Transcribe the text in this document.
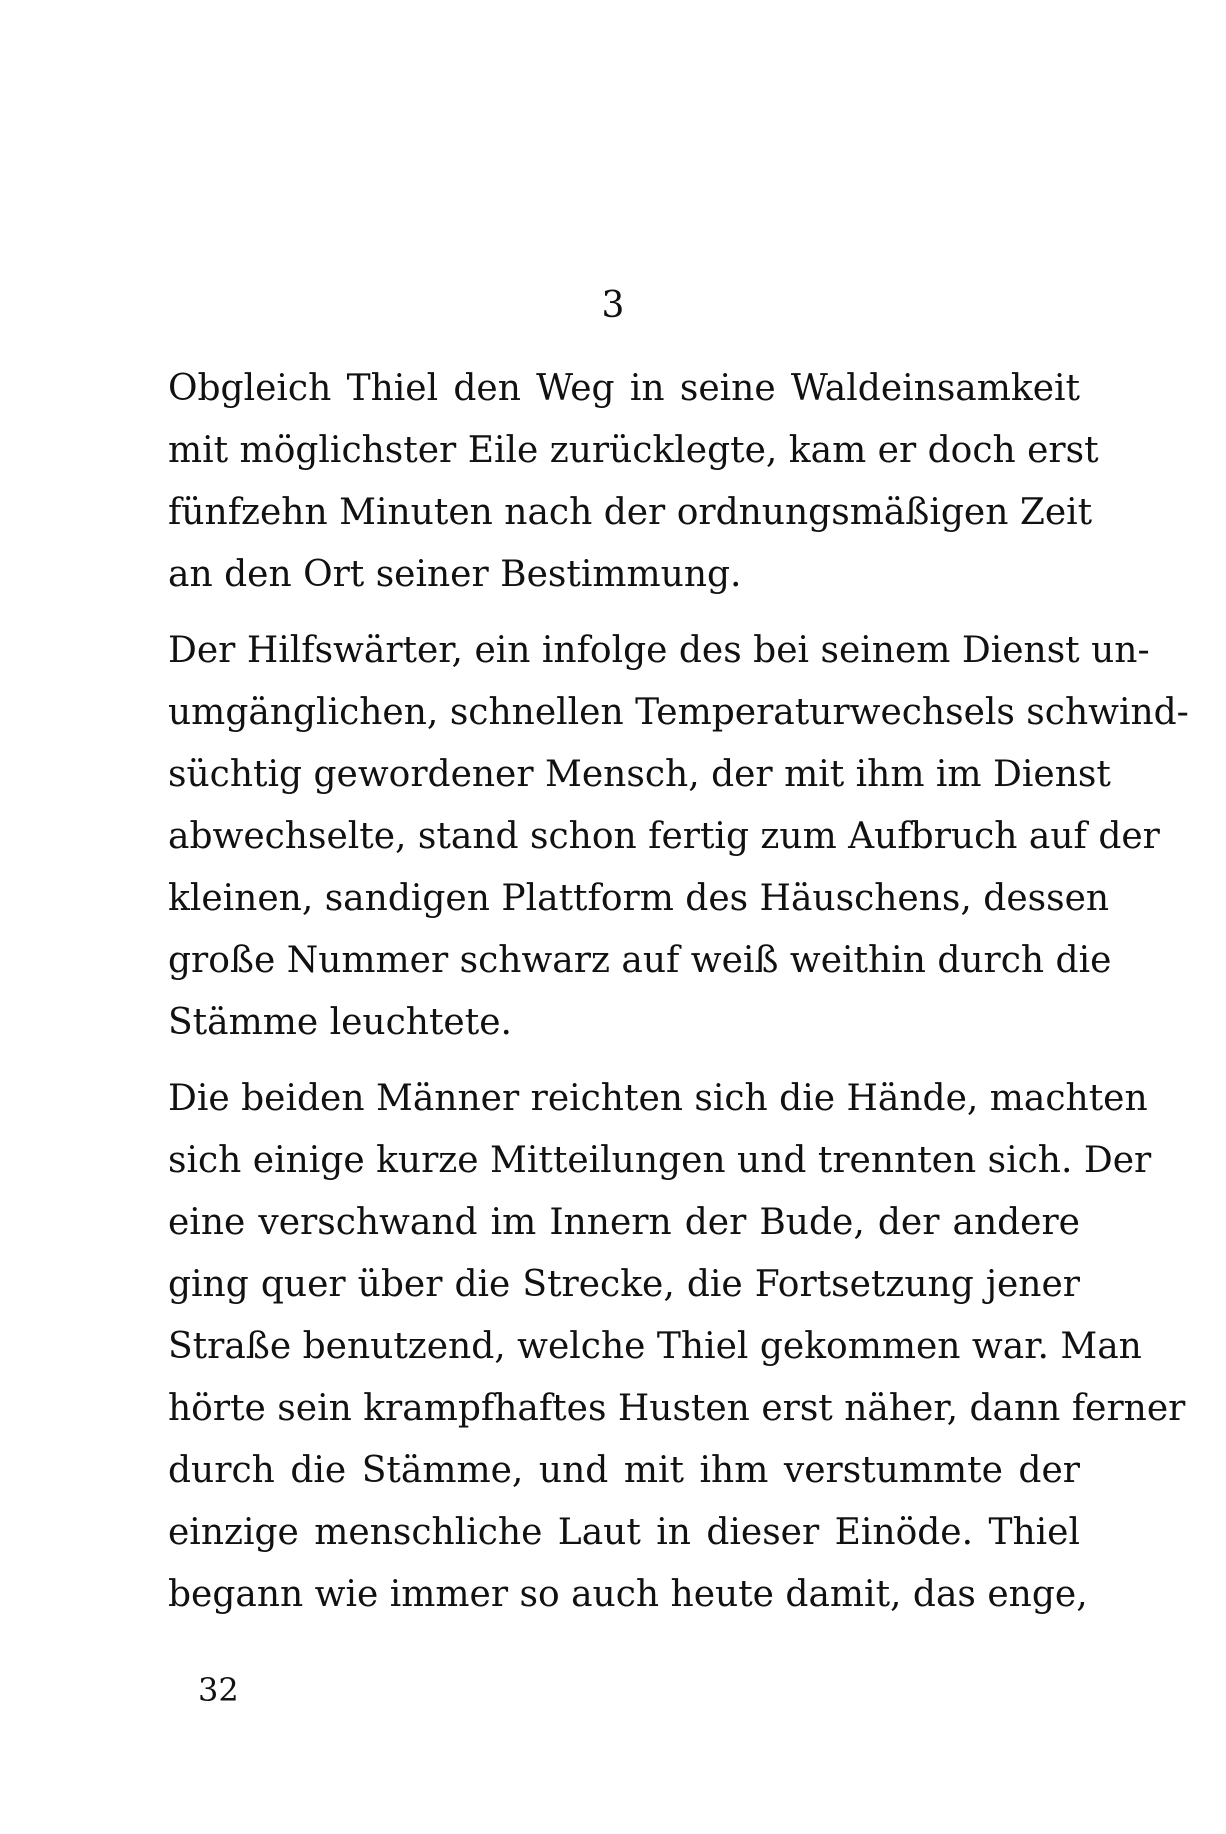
3
Obgleich Thiel den Weg in seine Waldeinsamkeit
mit möglichster Eile zurücklegte, kam er doch erst
fünfzehn Minuten nach der ordnungsmäßigen Zeit
an den Ort seiner Bestimmung.
Der Hilfswärter, ein infolge des bei seinem Dienst un-
umgänglichen, schnellen Temperaturwechsels schwind-
süchtig gewordener Mensch, der mit ihm im Dienst
abwechselte, stand schon fertig zum Aufbruch auf der
kleinen, sandigen Plattform des Häuschens, dessen
große Nummer schwarz auf weiß weithin durch die
Stämme leuchtete.
Die beiden Männer reichten sich die Hände, machten
sich einige kurze Mitteilungen und trennten sich. Der
eine verschwand im Innern der Bude, der andere
ging quer über die Strecke, die Fortsetzung jener
Straße benutzend, welche Thiel gekommen war. Man
hörte sein krampfhaftes Husten erst näher, dann ferner
durch die Stämme, und mit ihm verstummte der
einzige menschliche Laut in dieser Einöde. Thiel
begann wie immer so auch heute damit, das enge,
32
